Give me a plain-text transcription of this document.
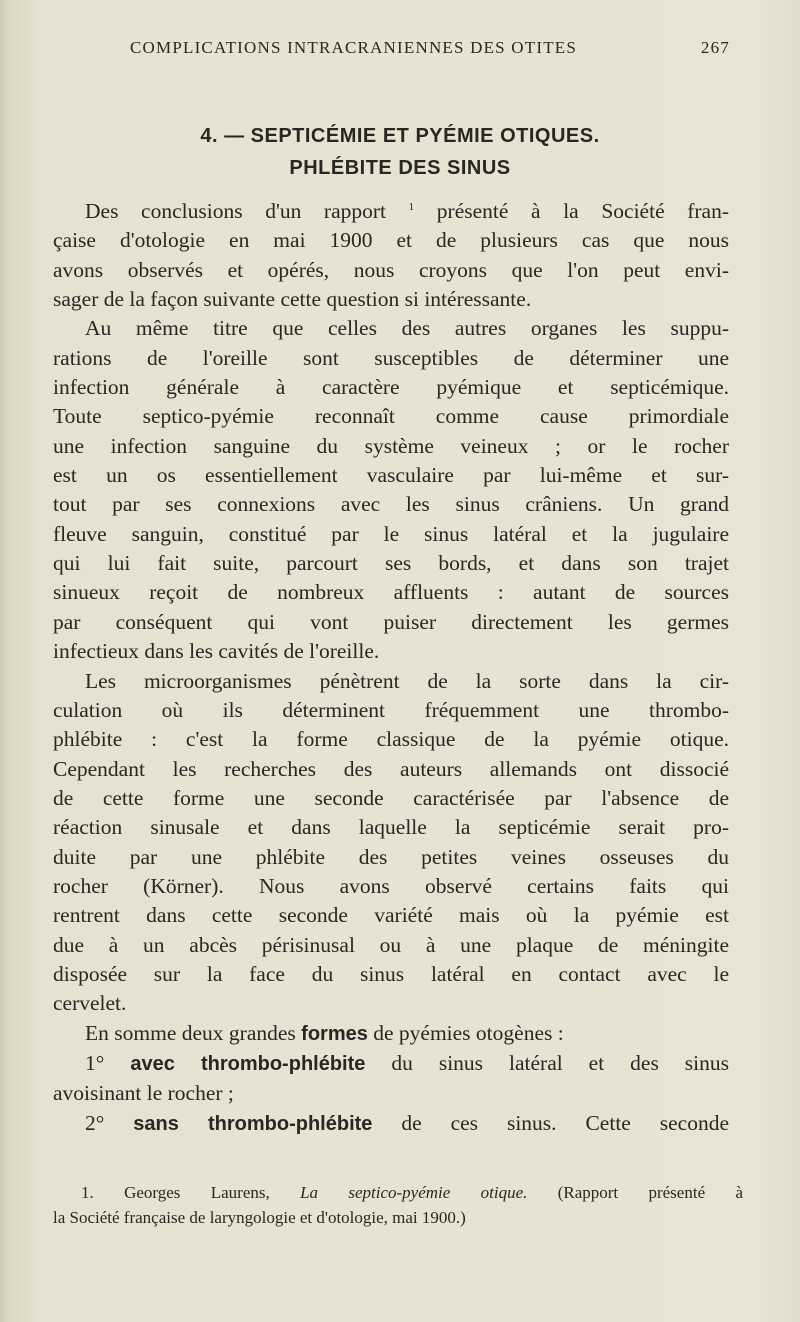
COMPLICATIONS INTRACRANIENNES DES OTITES	267
4. — SEPTICÉMIE ET PYÉMIE OTIQUES.
PHLÉBITE DES SINUS
Des conclusions d'un rapport $^1$ présenté à la Société fran-
çaise d'otologie en mai 1900 et de plusieurs cas que nous
avons observés et opérés, nous croyons que l'on peut envi-
sager de la façon suivante cette question si intéressante.
Au même titre que celles des autres organes les suppu-
rations de l'oreille sont susceptibles de déterminer une
infection générale à caractère pyémique et septicémique.
Toute septico-pyémie reconnaît comme cause primordiale
une infection sanguine du système veineux ; or le rocher
est un os essentiellement vasculaire par lui-même et sur-
tout par ses connexions avec les sinus crâniens. Un grand
fleuve sanguin, constitué par le sinus latéral et la jugulaire
qui lui fait suite, parcourt ses bords, et dans son trajet
sinueux reçoit de nombreux affluents : autant de sources
par conséquent qui vont puiser directement les germes
infectieux dans les cavités de l'oreille.
Les microorganismes pénètrent de la sorte dans la cir-
culation où ils déterminent fréquemment une thrombo-
phlébite : c'est la forme classique de la pyémie otique.
Cependant les recherches des auteurs allemands ont dissocié
de cette forme une seconde caractérisée par l'absence de
réaction sinusale et dans laquelle la septicémie serait pro-
duite par une phlébite des petites veines osseuses du
rocher (Körner). Nous avons observé certains faits qui
rentrent dans cette seconde variété mais où la pyémie est
due à un abcès périsinusal ou à une plaque de méningite
disposée sur la face du sinus latéral en contact avec le
cervelet.
En somme deux grandes formes de pyémies otogènes :
1° avec thrombo-phlébite du sinus latéral et des sinus
avoisinant le rocher ;
2° sans thrombo-phlébite de ces sinus. Cette seconde
1. Georges Laurens, La septico-pyémie otique. (Rapport présenté à
la Société française de laryngologie et d'otologie, mai 1900.)
